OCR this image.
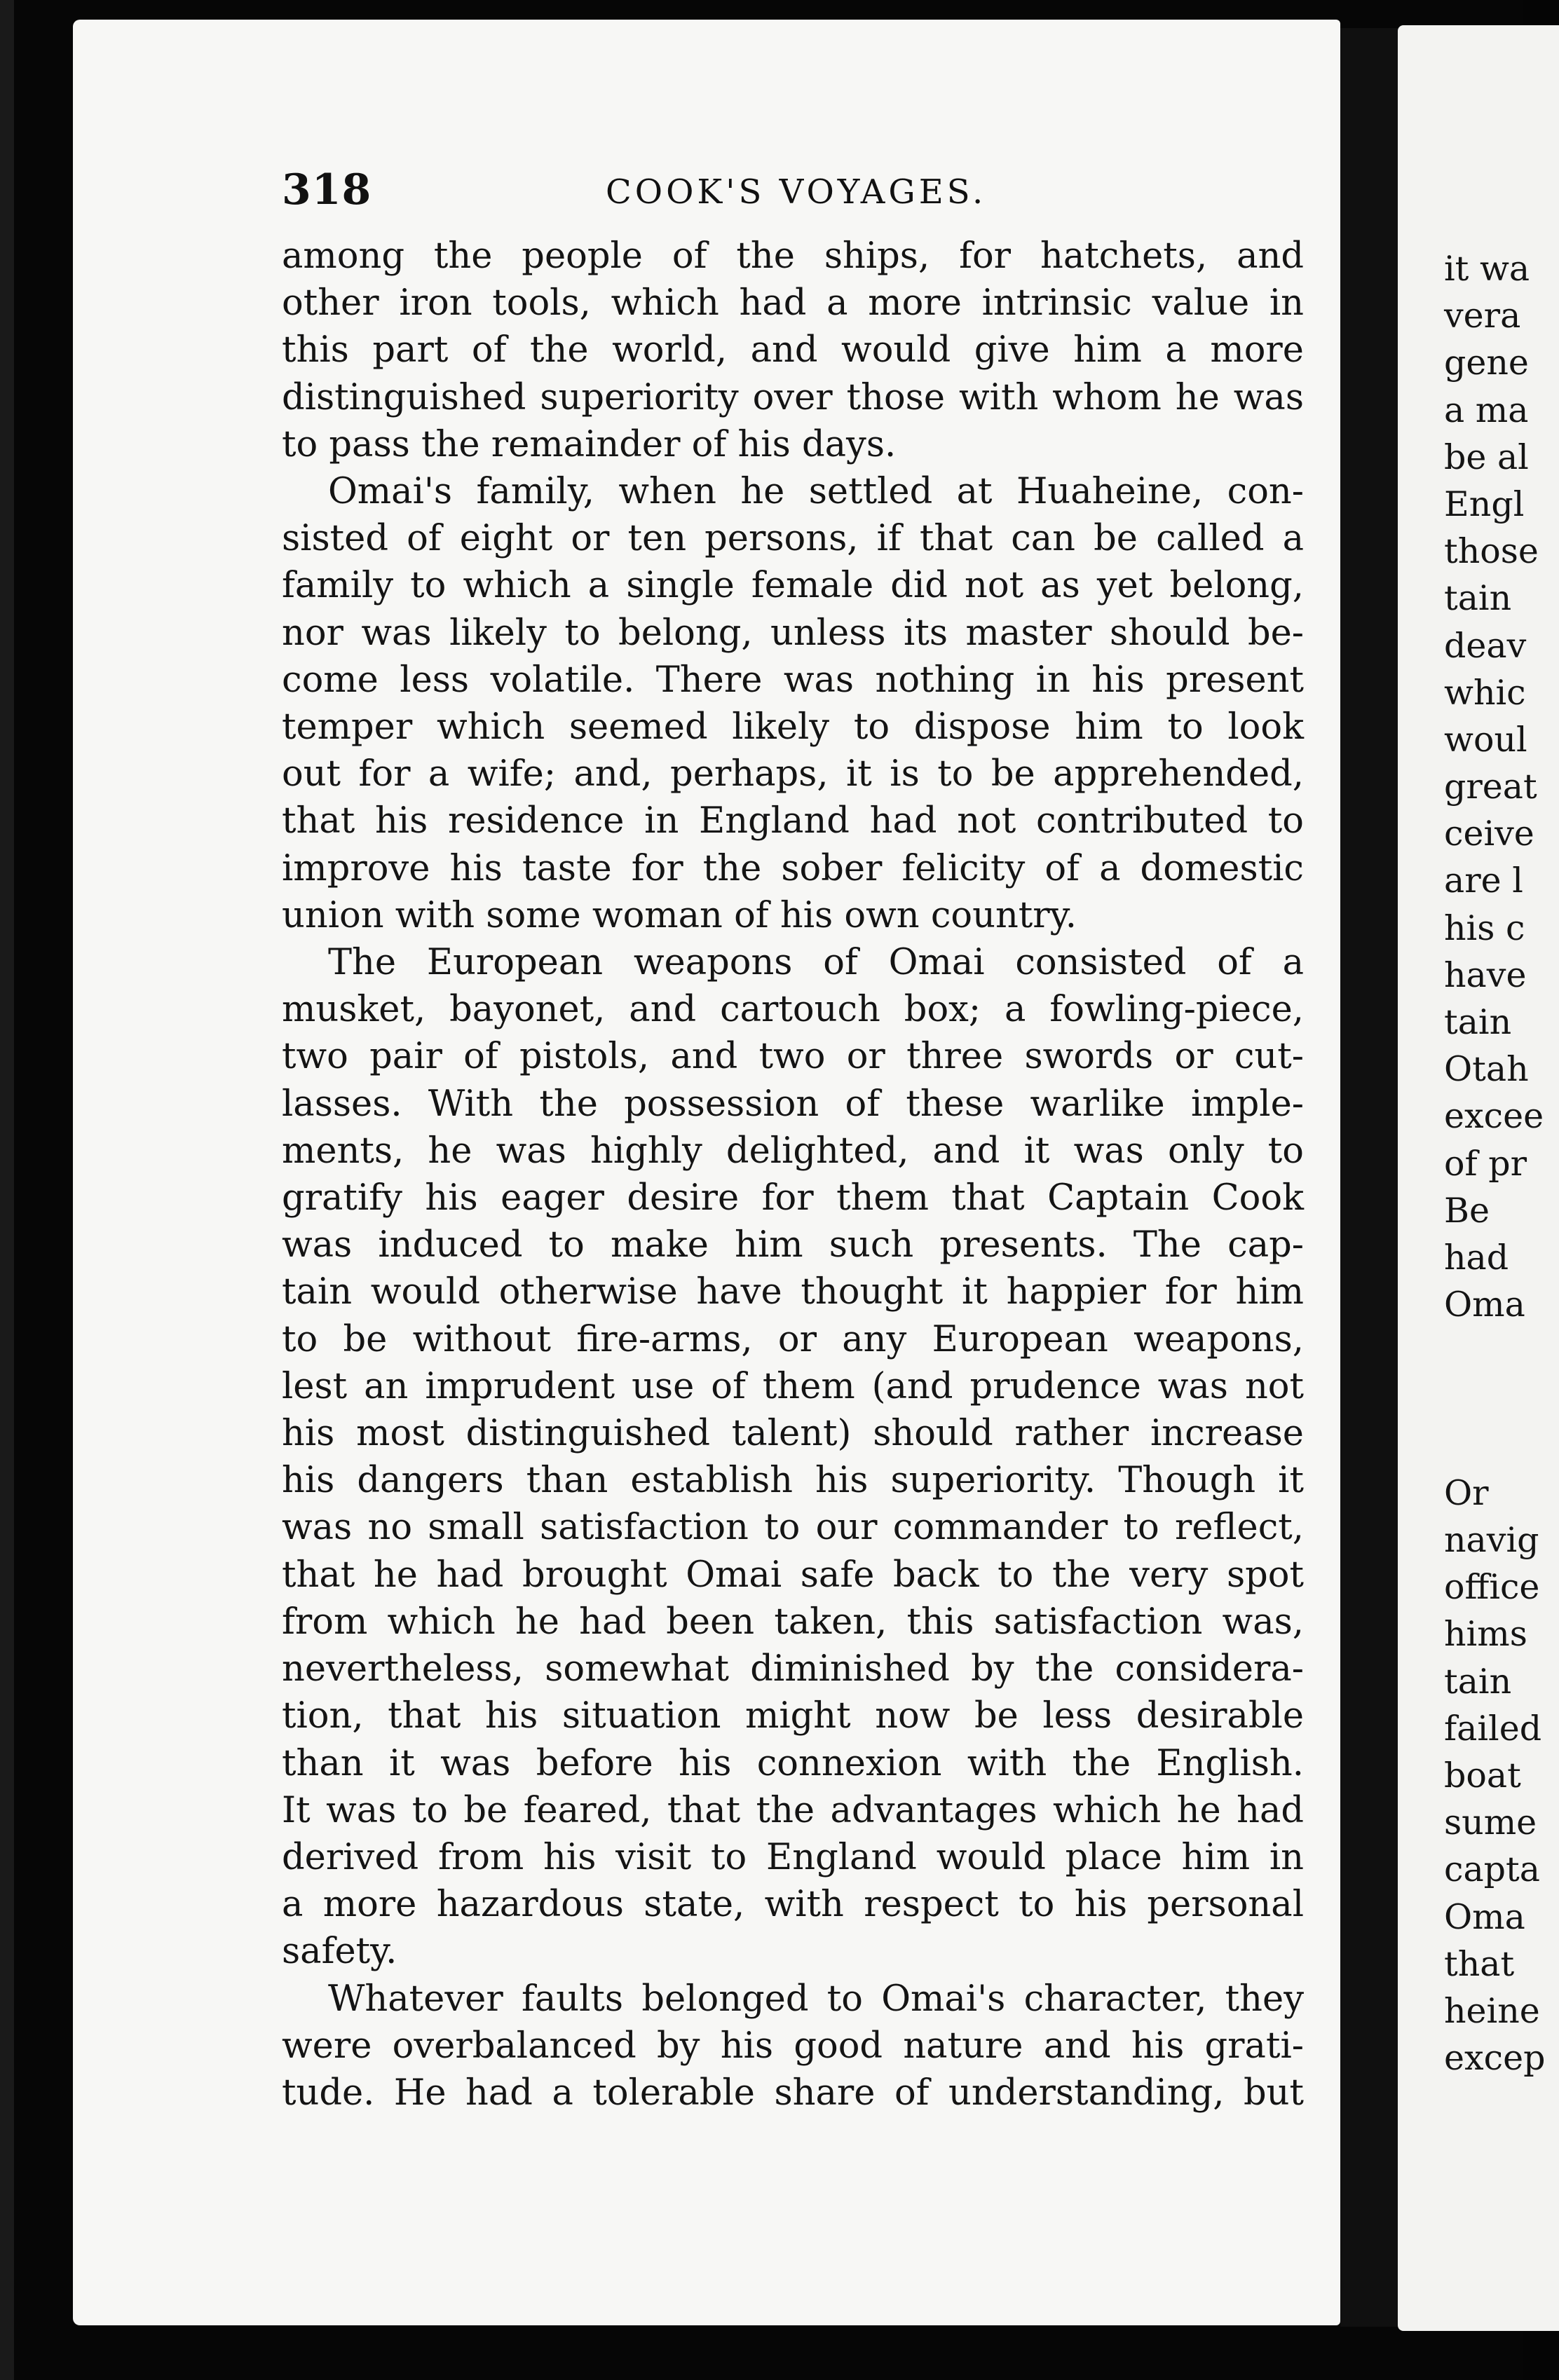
318	COOK'S VOYAGES.
among the people of the ships, for hatchets, and
other iron tools, which had a more intrinsic value in
this part of the world, and would give him a more
distinguished superiority over those with whom he was
to pass the remainder of his days.
Omai's family, when he settled at Huaheine, con-
sisted of eight or ten persons, if that can be called a
family to which a single female did not as yet belong,
nor was likely to belong, unless its master should be-
come less volatile. There was nothing in his present
temper which seemed likely to dispose him to look
out for a wife; and, perhaps, it is to be apprehended,
that his residence in England had not contributed to
improve his taste for the sober felicity of a domestic
union with some woman of his own country.
The European weapons of Omai consisted of a
musket, bayonet, and cartouch box; a fowling-piece,
two pair of pistols, and two or three swords or cut-
lasses. With the possession of these warlike imple-
ments, he was highly delighted, and it was only to
gratify his eager desire for them that Captain Cook
was induced to make him such presents. The cap-
tain would otherwise have thought it happier for him
to be without fire-arms, or any European weapons,
lest an imprudent use of them (and prudence was not
his most distinguished talent) should rather increase
his dangers than establish his superiority. Though it
was no small satisfaction to our commander to reflect,
that he had brought Omai safe back to the very spot
from which he had been taken, this satisfaction was,
nevertheless, somewhat diminished by the considera-
tion, that his situation might now be less desirable
than it was before his connexion with the English.
It was to be feared, that the advantages which he had
derived from his visit to England would place him in
a more hazardous state, with respect to his personal
safety.
Whatever faults belonged to Omai's character, they
were overbalanced by his good nature and his grati-
tude. He had a tolerable share of understanding, but
it wa
vera
gene
a ma
be al
Engl
those
tain
deav
whic
woul
great
ceive
are l
his c
have
tain
Otah
excee
of pr
Be
had
Oma
Or
navig
office
hims
tain
failed
boat
sume
capta
Oma
that
heine
excep
